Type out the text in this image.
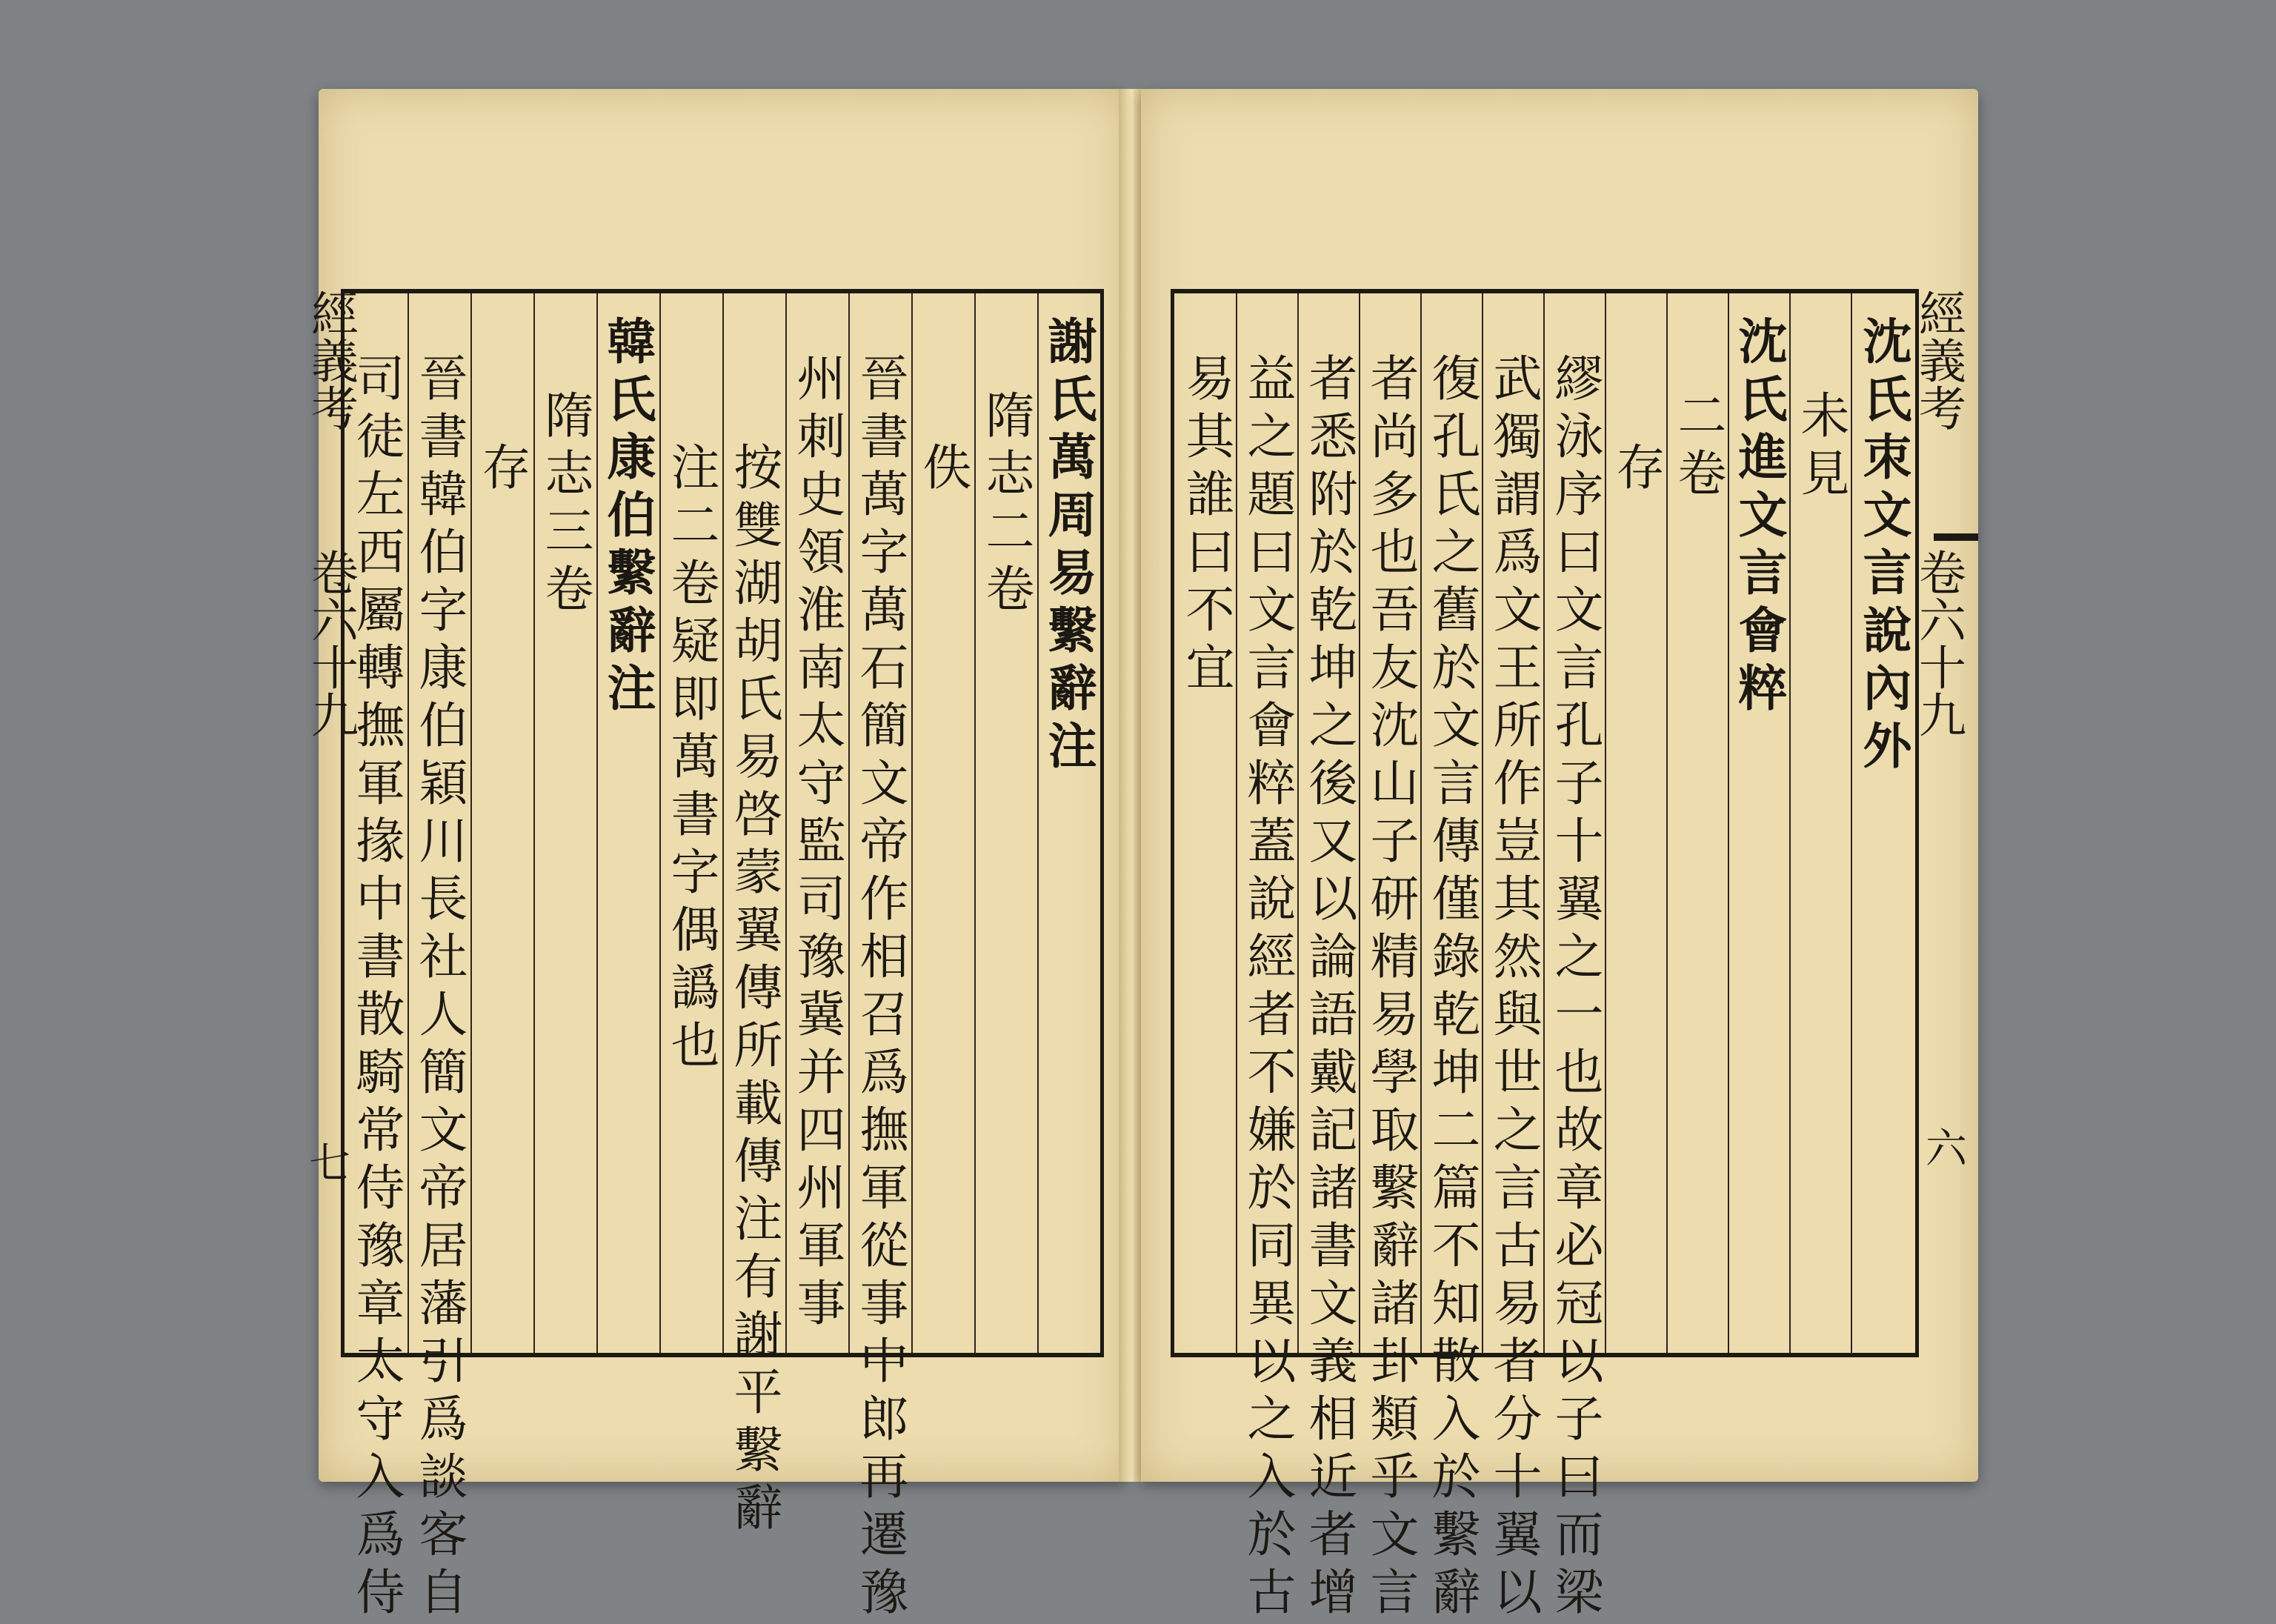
謝氏萬周易繫辭注
隋志二卷
佚
晉書萬字萬石簡文帝作相召爲撫軍從事中郎再遷豫
州刺史領淮南太守監司豫冀并四州軍事
按雙湖胡氏易啓蒙翼傳所載傳注有謝平繫辭
注二卷疑即萬書字偶譌也
韓氏康伯繫辭注
隋志三卷
存
晉書韓伯字康伯穎川長社人簡文帝居藩引爲談客自
司徒左西屬轉撫軍掾中書散騎常侍豫章太守入爲侍	沈氏朿文言說內外
未見
沈氏進文言會粹
二卷
存
繆泳序曰文言孔子十翼之一也故章必冠以子曰而梁
武獨謂爲文王所作豈其然與世之言古易者分十翼以
復孔氏之舊於文言傳僅錄乾坤二篇不知散入於繫辭
者尚多也吾友沈山子研精易學取繫辭諸卦類乎文言
者悉附於乾坤之後又以論語戴記諸書文義相近者增
益之題曰文言會粹蓋說經者不嫌於同異以之入於古
易其誰曰不宜	經義考
卷六十九
六
經義考
卷六十九
七
